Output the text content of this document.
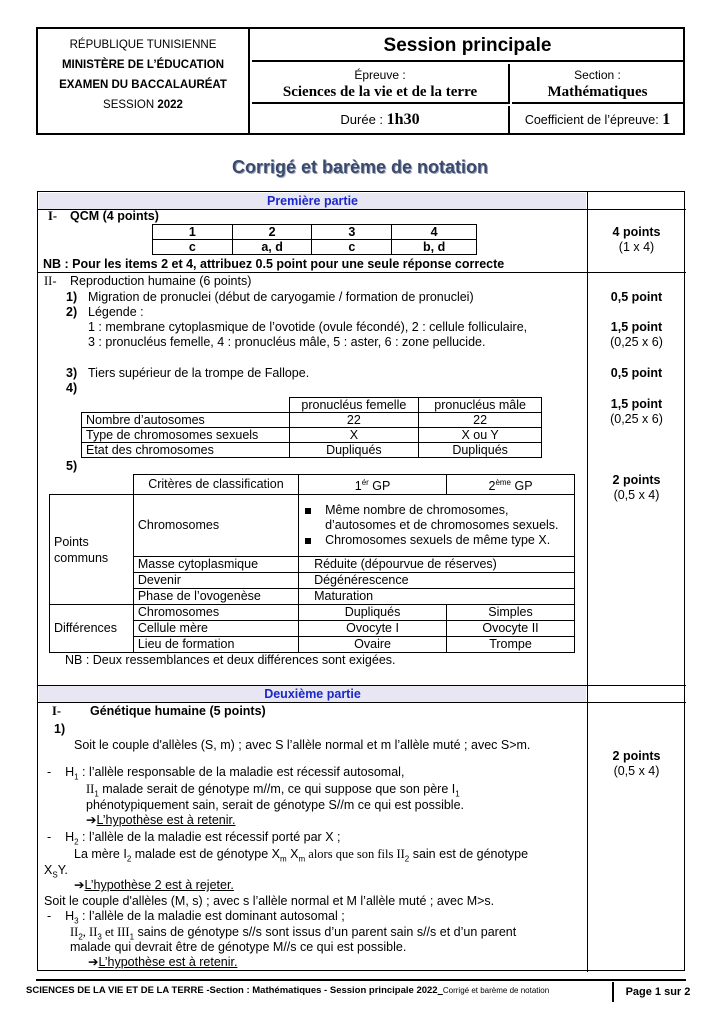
RÉPUBLIQUE TUNISIENNE
MINISTÈRE DE L’ÉDUCATION
EXAMEN DU BACCALAURÉAT
SESSION 2022
Session principale
Épreuve :
Sciences de la vie et de la terre
Section :
Mathématiques
Durée : 1h30	Coefficient de l’épreuve: 1
Corrigé et barème de notation
Première partie
I- QCM (4 points)
1	2	3	4
c	a, d	c	b, d
NB : Pour les items 2 et 4, attribuez 0.5 point pour une seule réponse correcte
4 points
(1 x 4)
II- Reproduction humaine (6 points)
1) Migration de pronuclei (début de caryogamie / formation de pronuclei)	0,5 point
2) Légende :
1 : membrane cytoplasmique de l’ovotide (ovule fécondé), 2 : cellule folliculaire,
3 : pronucléus femelle, 4 : pronucléus mâle, 5 : aster, 6 : zone pellucide.
1,5 point
(0,25 x 6)
3) Tiers supérieur de la trompe de Fallope.	0,5 point
4)
1,5 point
(0,25 x 6)
	pronucléus femelle	pronucléus mâle
Nombre d’autosomes	22	22
Type de chromosomes sexuels	X	X ou Y
Etat des chromosomes	Dupliqués	Dupliqués
5)
2 points
(0,5 x 4)
	Critères de classification	$1^{ér}$ GP	2ème GP
Points communs	Chromosomes	Même nombre de chromosomes, d’autosomes et de chromosomes sexuels.
Chromosomes sexuels de même type X.	

	Masse cytoplasmique	Réduite (dépourvue de réserves)	
	Devenir	Dégénérescence	
	Phase de l’ovogenèse	Maturation	
Différences	Chromosomes	Dupliqués	Simples
	Cellule mère	Ovocyte I	Ovocyte II
	Lieu de formation	Ovaire	Trompe
NB : Deux ressemblances et deux différences sont exigées.
Deuxième partie
I- Génétique humaine (5 points)
1)
Soit le couple d'allèles (S, m) ; avec S l’allèle normal et m l’allèle muté ; avec S>m.
2 points
(0,5 x 4)
-    $H_1$ : l’allèle responsable de la maladie est récessif autosomal,
$II_1$ malade serait de génotype m//m, ce qui suppose que son père $I_1$
phénotypiquement sain, serait de génotype S//m ce qui est possible.
➔L’hypothèse est à retenir.
-    $H_2$ : l’allèle de la maladie est récessif porté par X ;
La mère $I_2$ malade est de génotype $X_m$ $X_m$ alors que son fils $II_2$ sain est de génotype
$X_SY$.
➔L’hypothèse 2 est à rejeter.
Soit le couple d'allèles (M, s) ; avec s l’allèle normal et M l’allèle muté ; avec M>s.
-    $H_3$ : l’allèle de la maladie est dominant autosomal ;
$II_2$, $II_3$ et $III_1$ sains de génotype s//s sont issus d’un parent sain s//s et d’un parent
malade qui devrait être de génotype M//s ce qui est possible.
➔L’hypothèse est à retenir.
SCIENCES DE LA VIE ET DE LA TERRE -Section : Mathématiques - Session principale 2022 Corrigé et barème de notation	Page 1 sur 2
